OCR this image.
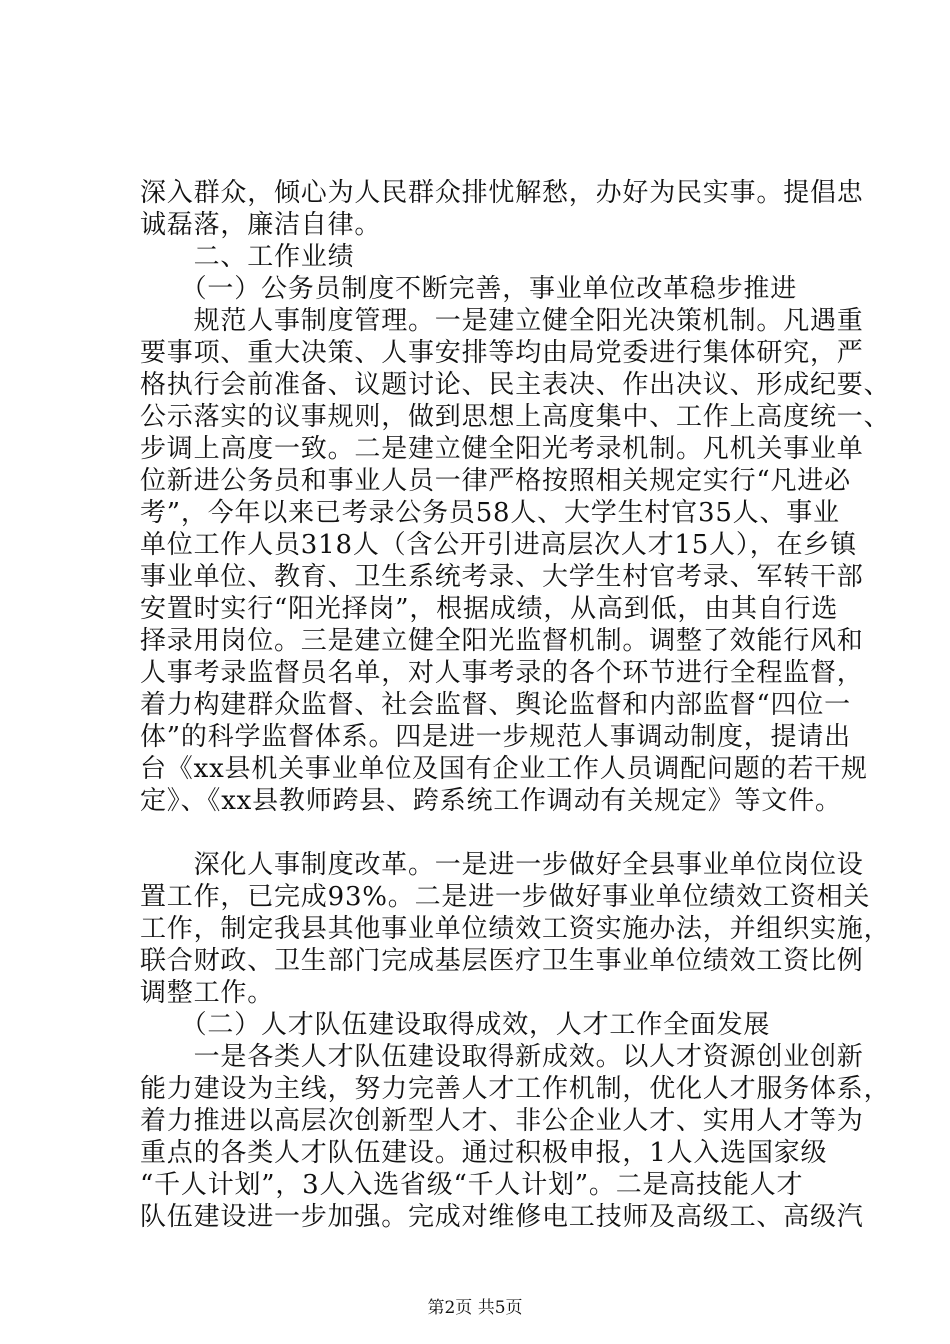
深入群众，倾心为人民群众排忧解愁，办好为民实事。提倡忠
诚磊落，廉洁自律。
　　二、工作业绩
　　（一）公务员制度不断完善，事业单位改革稳步推进
　　规范人事制度管理。一是建立健全阳光决策机制。凡遇重
要事项、重大决策、人事安排等均由局党委进行集体研究，严
格执行会前准备、议题讨论、民主表决、作出决议、形成纪要、
公示落实的议事规则，做到思想上高度集中、工作上高度统一、
步调上高度一致。二是建立健全阳光考录机制。凡机关事业单
位新进公务员和事业人员一律严格按照相关规定实行“凡进必
考”，今年以来已考录公务员58人、大学生村官35人、事业
单位工作人员318人（含公开引进高层次人才15人），在乡镇
事业单位、教育、卫生系统考录、大学生村官考录、军转干部
安置时实行“阳光择岗”，根据成绩，从高到低，由其自行选
择录用岗位。三是建立健全阳光监督机制。调整了效能行风和
人事考录监督员名单，对人事考录的各个环节进行全程监督，
着力构建群众监督、社会监督、舆论监督和内部监督“四位一
体”的科学监督体系。四是进一步规范人事调动制度，提请出
台《xx县机关事业单位及国有企业工作人员调配问题的若干规
定》、《xx县教师跨县、跨系统工作调动有关规定》等文件。
　　深化人事制度改革。一是进一步做好全县事业单位岗位设
置工作，已完成93%。二是进一步做好事业单位绩效工资相关
工作，制定我县其他事业单位绩效工资实施办法，并组织实施，
联合财政、卫生部门完成基层医疗卫生事业单位绩效工资比例
调整工作。
　　（二）人才队伍建设取得成效，人才工作全面发展
　　一是各类人才队伍建设取得新成效。以人才资源创业创新
能力建设为主线，努力完善人才工作机制，优化人才服务体系，
着力推进以高层次创新型人才、非公企业人才、实用人才等为
重点的各类人才队伍建设。通过积极申报，1人入选国家级
“千人计划”，3人入选省级“千人计划”。二是高技能人才
队伍建设进一步加强。完成对维修电工技师及高级工、高级汽
第2页 共5页
